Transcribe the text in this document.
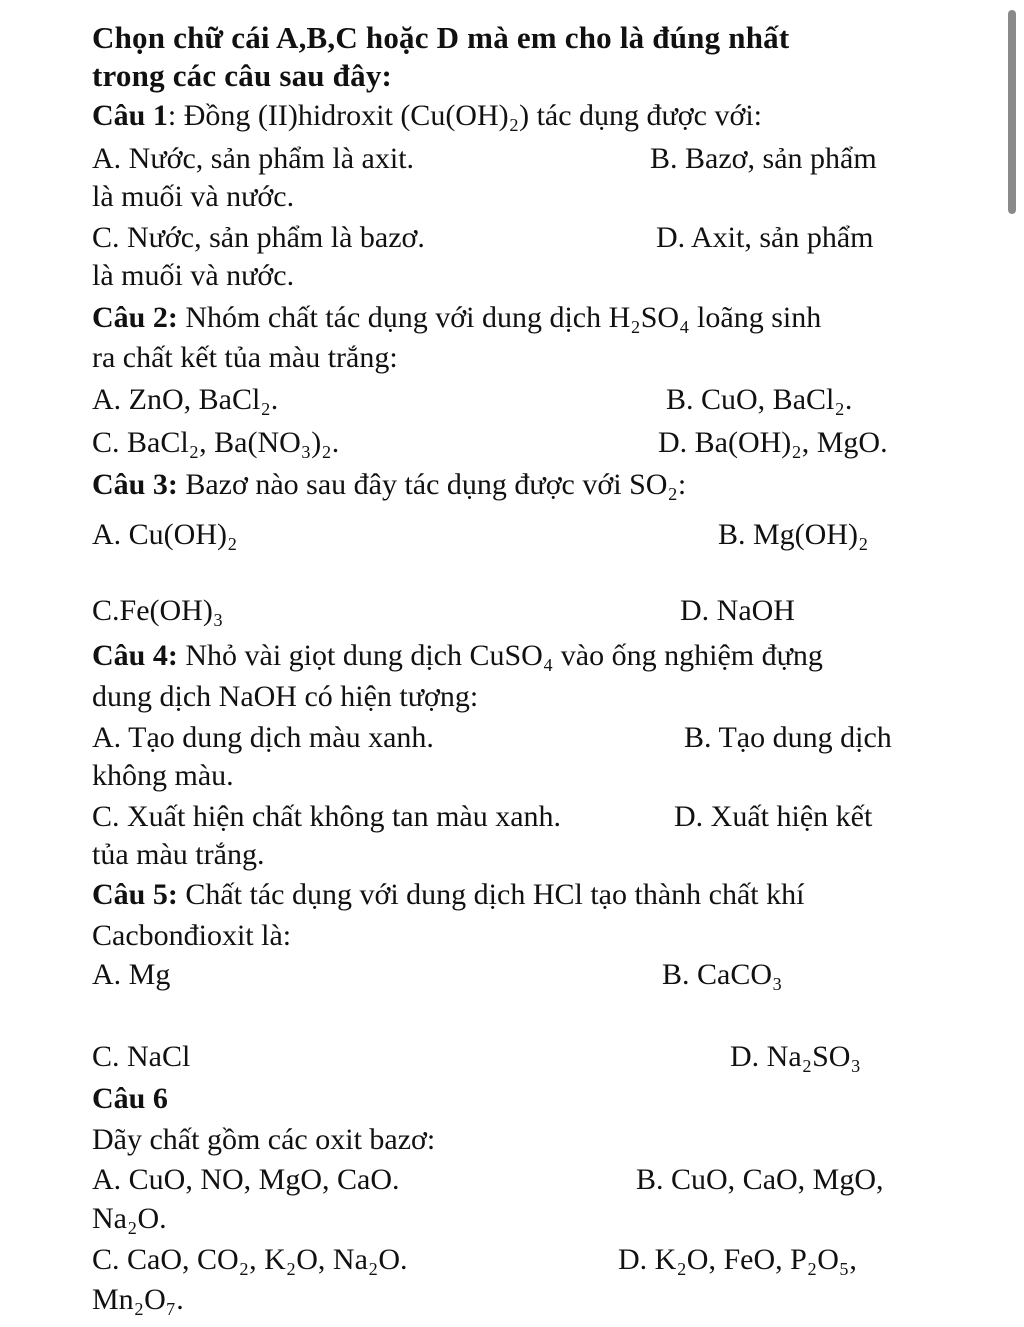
Chọn chữ cái A,B,C hoặc D mà em cho là đúng nhất

trong các câu sau đây:

Câu 1: Đồng (II)hidroxit (Cu(OH)₂) tác dụng được với:

A. Nước, sản phẩm là axit.	B. Bazơ, sản phẩm

là muối và nước.

C. Nước, sản phẩm là bazơ.	D. Axit, sản phẩm

là muối và nước.

Câu 2: Nhóm chất tác dụng với dung dịch H₂SO₄ loãng sinh

ra chất kết tủa màu trắng:

A. ZnO, BaCl₂.	B. CuO, BaCl₂.

C. BaCl₂, Ba(NO₃)₂.	D. Ba(OH)₂, MgO.

Câu 3: Bazơ nào sau đây tác dụng được với SO₂:

A. Cu(OH)₂	B. Mg(OH)₂

C.Fe(OH)₃	D. NaOH

Câu 4: Nhỏ vài giọt dung dịch CuSO₄ vào ống nghiệm đựng

dung dịch NaOH có hiện tượng:

A. Tạo dung dịch màu xanh.	B. Tạo dung dịch

không màu.

C. Xuất hiện chất không tan màu xanh.	D. Xuất hiện kết

tủa màu trắng.

Câu 5: Chất tác dụng với dung dịch HCl tạo thành chất khí

Cacbonđioxit là:

A. Mg	B. CaCO₃

C. NaCl	D. Na₂SO₃

Câu 6

Dãy chất gồm các oxit bazơ:

A. CuO, NO, MgO, CaO.	B. CuO, CaO, MgO,

Na₂O.

C. CaO, CO₂, K₂O, Na₂O.	D. K₂O, FeO, P₂O₅,

Mn₂O₇.
